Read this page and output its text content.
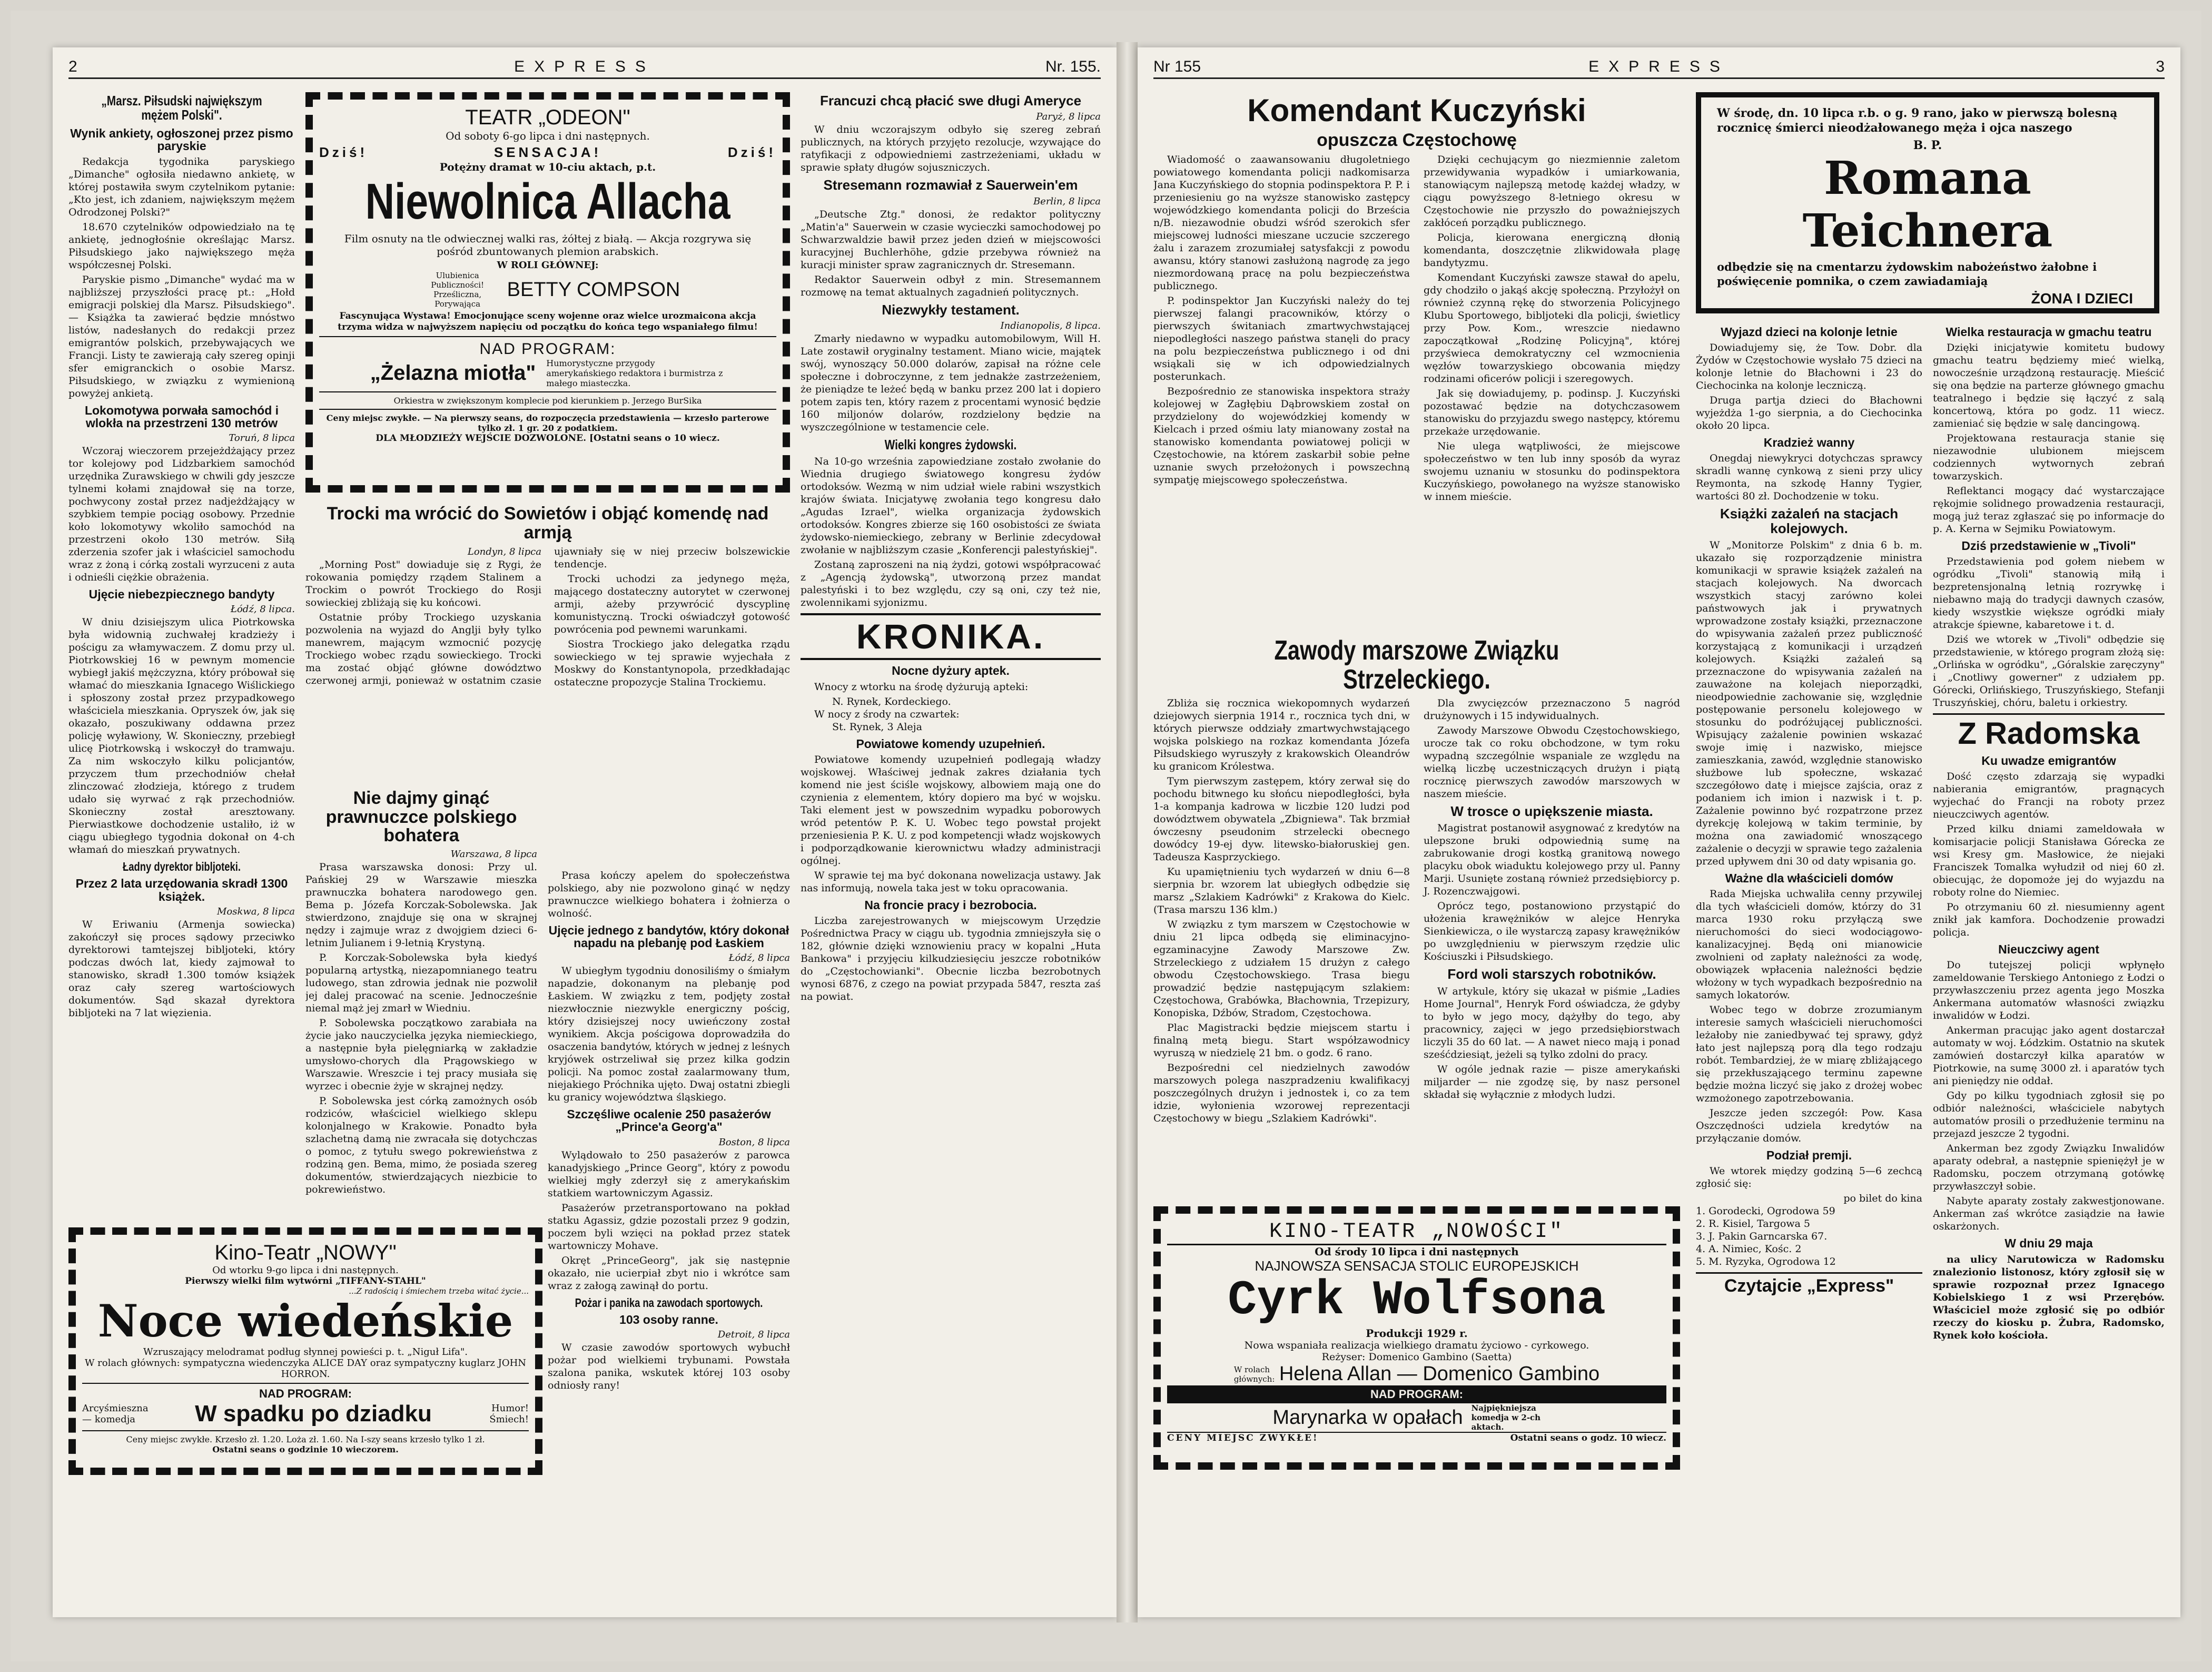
2	EXPRESS	Nr. 155.
„Marsz. Piłsudski największym mężem Polski".
Wynik ankiety, ogłoszonej przez pismo paryskie

Redakcja tygodnika paryskiego „Dimanche" ogłosiła niedawno ankietę, w której postawiła swym czytelnikom pytanie: „Kto jest, ich zdaniem, największym mężem Odrodzonej Polski?"

18.670 czytelników odpowiedziało na tę ankietę, jednogłośnie określając Marsz. Piłsudskiego jako największego męża współczesnej Polski.

Paryskie pismo „Dimanche" wydać ma w najbliższej przyszłości pracę pt.: „Hołd emigracji polskiej dla Marsz. Piłsudskiego". — Książka ta zawierać będzie mnóstwo listów, nadesłanych do redakcji przez emigrantów polskich, przebywających we Francji. Listy te zawierają cały szereg opinji sfer emigranckich o osobie Marsz. Piłsudskiego, w związku z wymienioną powyżej ankietą.

Lokomotywa porwała samochód i wlokła na przestrzeni 130 metrów
Toruń, 8 lipca

Wczoraj wieczorem przejeżdżający przez tor kolejowy pod Lidzbarkiem samochód urzędnika Zurawskiego w chwili gdy jeszcze tylnemi kołami znajdował się na torze, pochwycony został przez nadjeżdżający w szybkiem tempie pociąg osobowy. Przednie koło lokomotywy wkoliło samochód na przestrzeni około 130 metrów. Siłą zderzenia szofer jak i właściciel samochodu wraz z żoną i córką zostali wyrzuceni z auta i odnieśli ciężkie obrażenia.

Ujęcie niebezpiecznego bandyty
Łódź, 8 lipca.

W dniu dzisiejszym ulica Piotrkowska była widownią zuchwałej kradzieży i pościgu za włamywaczem. Z domu przy ul. Piotrkowskiej 16 w pewnym momencie wybiegł jakiś mężczyzna, który próbował się włamać do mieszkania Ignacego Wiślickiego i spłoszony został przez przypadkowego właściciela mieszkania. Opryszek ów, jak się okazało, poszukiwany oddawna przez policję wyławiony, W. Skonieczny, przebiegł ulicę Piotrkowską i wskoczył do tramwaju. Za nim wskoczyło kilku policjantów, przyczem tłum przechodniów chełał zlinczować złodzieja, którego z trudem udało się wyrwać z rąk przechodniów. Skonieczny został aresztowany. Pierwiastkowe dochodzenie ustaliło, iż w ciągu ubiegłego tygodnia dokonał on 4-ch włamań do mieszkań prywatnych.

Ładny dyrektor bibljoteki.
Przez 2 lata urzędowania skradł 1300 książek.
Moskwa, 8 lipca

W Eriwaniu (Armenja sowiecka) zakończył się proces sądowy przeciwko dyrektorowi tamtejszej bibljoteki, który podczas dwóch lat, kiedy zajmował to stanowisko, skradł 1.300 tomów książek oraz cały szereg wartościowych dokumentów. Sąd skazał dyrektora bibljoteki na 7 lat więzienia.

TEATR „ODEON"
Od soboty 6-go lipca i dni następnych.
Dziś!	SENSACJA!	Dziś!
Potężny dramat w 10-ciu aktach, p.t.
Niewolnica Allacha
Film osnuty na tle odwiecznej walki ras, żółtej z białą. — Akcja rozgrywa się pośród zbuntowanych plemion arabskich.
W ROLI GŁÓWNEJ:
Ulubienica Publiczności! Prześliczna, Porywająca
BETTY COMPSON
Fascynująca Wystawa! Emocjonujące sceny wojenne oraz wielce urozmaicona akcja trzyma widza w najwyższem napięciu od początku do końca tego wspaniałego filmu!
NAD PROGRAM:
„Żelazna miotła" Humorystyczne przygody amerykańskiego redaktora i burmistrza z małego miasteczka.
Orkiestra w zwiększonym komplecie pod kierunkiem p. Jerzego BurSika
Ceny miejsc zwykłe. — Na pierwszy seans, do rozpoczęcia przedstawienia — krzesło parterowe tylko zł. 1 gr. 20 z podatkiem.
DLA MŁODZIEŻY WEJŚCIE DOZWOLONE. [Ostatni seans o 10 wiecz.
Trocki ma wrócić do Sowietów i objąć komendę nad armją
Londyn, 8 lipca

„Morning Post" dowiaduje się z Rygi, że rokowania pomiędzy rządem Stalinem a Trockim o powrót Trockiego do Rosji sowieckiej zbliżają się ku końcowi.

Ostatnie próby Trockiego uzyskania pozwolenia na wyjazd do Anglji były tylko manewrem, mającym wzmocnić pozycję Trockiego wobec rządu sowieckiego. Trocki ma zostać objąć główne dowództwo czerwonej armji, ponieważ w ostatnim czasie ujawniały się w niej przeciw bolszewickie tendencje.

Trocki uchodzi za jedynego męża, mającego dostateczny autorytet w czerwonej armji, ażeby przywrócić dyscyplinę komunistyczną. Trocki oświadczył gotowość powrócenia pod pewnemi warunkami.

Siostra Trockiego jako delegatka rządu sowieckiego w tej sprawie wyjechała z Moskwy do Konstantynopola, przedkładając ostateczne propozycje Stalina Trockiemu.

Nie dajmy ginąć prawnuczce polskiego bohatera
Warszawa, 8 lipca

Prasa warszawska donosi: Przy ul. Pańskiej 29 w Warszawie mieszka prawnuczka bohatera narodowego gen. Bema p. Józefa Korczak-Sobolewska. Jak stwierdzono, znajduje się ona w skrajnej nędzy i zajmuje wraz z dwojgiem dzieci 6-letnim Julianem i 9-letnią Krystyną.

P. Korczak-Sobolewska była kiedyś popularną artystką, niezapomnianego teatru ludowego, stan zdrowia jednak nie pozwolił jej dalej pracować na scenie. Jednocześnie niemal mąż jej zmarł w Wiedniu.

P. Sobolewska początkowo zarabiała na życie jako nauczycielka języka niemieckiego, a następnie była pielęgniarką w zakładzie umysłowo-chorych dla Prągowskiego w Warszawie. Wreszcie i tej pracy musiała się wyrzec i obecnie żyje w skrajnej nędzy.

P. Sobolewska jest córką zamożnych osób rodziców, właściciel wielkiego sklepu kolonjalnego w Krakowie. Ponadto była szlachetną damą nie zwracała się dotychczas o pomoc, z tytułu swego pokrewieństwa z rodziną gen. Bema, mimo, że posiada szereg dokumentów, stwierdzających niezbicie to pokrewieństwo.

Prasa kończy apelem do społeczeństwa polskiego, aby nie pozwolono ginąć w nędzy prawnuczce wielkiego bohatera i żołnierza o wolność.

Ujęcie jednego z bandytów, który dokonał napadu na plebanję pod Łaskiem
Łódź, 8 lipca

W ubiegłym tygodniu donosiliśmy o śmiałym napadzie, dokonanym na plebanję pod Łaskiem. W związku z tem, podjęty został niezwłocznie niezwykle energiczny pościg, który dzisiejszej nocy uwieńczony został wynikiem. Akcja pościgowa doprowadziła do osaczenia bandytów, których w jednej z leśnych kryjówek ostrzeliwał się przez kilka godzin policji. Na pomoc został zaalarmowany tłum, niejakiego Próchnika ujęto. Dwaj ostatni zbiegli ku granicy województwa śląskiego.

Szczęśliwe ocalenie 250 pasażerów „Prince'a Georg'a"
Boston, 8 lipca

Wylądowało to 250 pasażerów z parowca kanadyjskiego „Prince Georg", który z powodu wielkiej mgły zderzył się z amerykańskim statkiem wartowniczym Agassiz.

Pasażerów przetransportowano na pokład statku Agassiz, gdzie pozostali przez 9 godzin, poczem byli wzięci na pokład przez statek wartowniczy Mohave.

Okręt „PrinceGeorg", jak się następnie okazało, nie ucierpiał zbyt nio i wkrótce sam wraz z załogą zawinął do portu.

Pożar i panika na zawodach sportowych.
103 osoby ranne.
Detroit, 8 lipca

W czasie zawodów sportowych wybuchł pożar pod wielkiemi trybunami. Powstała szalona panika, wskutek której 103 osoby odniosły rany!

Francuzi chcą płacić swe długi Ameryce
Paryż, 8 lipca

W dniu wczorajszym odbyło się szereg zebrań publicznych, na których przyjęto rezolucje, wzywające do ratyfikacji z odpowiedniemi zastrzeżeniami, układu w sprawie spłaty długów sojuszniczych.

Stresemann rozmawiał z Sauerwein'em
Berlin, 8 lipca

„Deutsche Ztg." donosi, że redaktor polityczny „Matin'a" Sauerwein w czasie wycieczki samochodowej po Schwarzwaldzie bawił przez jeden dzień w miejscowości kuracyjnej Buchlerhöhe, gdzie przebywa również na kuracji minister spraw zagranicznych dr. Stresemann.

Redaktor Sauerwein odbył z min. Stresemannem rozmowę na temat aktualnych zagadnień politycznych.

Niezwykły testament.
Indianopolis, 8 lipca.

Zmarły niedawno w wypadku automobilowym, Will H. Late zostawił oryginalny testament. Miano wicie, majątek swój, wynoszący 50.000 dolarów, zapisał na różne cele społeczne i dobroczynne, z tem jednakże zastrzeżeniem, że pieniądze te leżeć będą w banku przez 200 lat i dopiero potem zapis ten, który razem z procentami wynosić będzie 160 miljonów dolarów, rozdzielony będzie na wyszczególnione w testamencie cele.

Wielki kongres żydowski.

Na 10-go września zapowiedziane zostało zwołanie do Wiednia drugiego światowego kongresu żydów ortodoksów. Wezmą w nim udział wiele rabini wszystkich krajów świata. Inicjatywę zwołania tego kongresu dało „Agudas Izrael", wielka organizacja żydowskich ortodoksów. Kongres zbierze się 160 osobistości ze świata żydowsko-niemieckiego, zebrany w Berlinie zdecydował zwołanie w najbliższym czasie „Konferencji palestyńskiej".

Zostaną zaproszeni na nią żydzi, gotowi współpracować z „Agencją żydowską", utworzoną przez mandat palestyński i to bez względu, czy są oni, czy też nie, zwolennikami syjonizmu.

KRONIKA.
Nocne dyżury aptek.

Wnocy z wtorku na środę dyżurują apteki:

N. Rynek, Kordeckiego.
W nocy z środy na czwartek:
St. Rynek, 3 Aleja
Powiatowe komendy uzupełnień.

Powiatowe komendy uzupełnień podlegają władzy wojskowej. Właściwej jednak zakres działania tych komend nie jest ściśle wojskowy, albowiem mają one do czynienia z elementem, który dopiero ma być w wojsku. Taki element jest w powszednim wypadku poborowych wród petentów P. K. U. Wobec tego powstał projekt przeniesienia P. K. U. z pod kompetencji władz wojskowych i podporządkowanie kierownictwu władzy administracji ogólnej.

W sprawie tej ma być dokonana nowelizacja ustawy. Jak nas informują, nowela taka jest w toku opracowania.

Na froncie pracy i bezrobocia.

Liczba zarejestrowanych w miejscowym Urzędzie Pośrednictwa Pracy w ciągu ub. tygodnia zmniejszyła się o 182, głównie dzięki wznowieniu pracy w kopalni „Huta Bankowa" i przyjęciu kilkudziesięciu jeszcze robotników do „Częstochowianki". Obecnie liczba bezrobotnych wynosi 6876, z czego na powiat przypada 5847, reszta zaś na powiat.

Kino-Teatr „NOWY"
Od wtorku 9-go lipca i dni następnych.
Pierwszy wielki film wytwórni „TIFFANY-STAHL"
...Z radością i śmiechem trzeba witać życie...
Noce wiedeńskie
Wzruszający melodramat podług słynnej powieści p. t. „Niguł Lifa".
W rolach głównych: sympatyczna wiedenczyka ALICE DAY oraz sympatyczny kuglarz JOHN HORRON.
NAD PROGRAM:
Arcyśmieszna — komedja	W spadku po dziadku	Humor! Śmiech!
Ceny miejsc zwykłe. Krzesło zł. 1.20. Loża zł. 1.60. Na I-szy seans krzesło tylko 1 zł.
Ostatni seans o godzinie 10 wieczorem.
Nr 155	EXPRESS	3
Komendant Kuczyński
opuszcza Częstochowę

Wiadomość o zaawansowaniu długoletniego powiatowego komendanta policji nadkomisarza Jana Kuczyńskiego do stopnia podinspektora P. P. i przeniesieniu go na wyższe stanowisko zastępcy wojewódzkiego komendanta policji do Brześcia n/B. niezawodnie obudzi wśród szerokich sfer miejscowej ludności mieszane uczucie szczerego żalu i zarazem zrozumiałej satysfakcji z powodu awansu, który stanowi zasłużoną nagrodę za jego niezmordowaną pracę na polu bezpieczeństwa publicznego.

P. podinspektor Jan Kuczyński należy do tej pierwszej falangi pracowników, którzy o pierwszych świtaniach zmartwychwstającej niepodległości naszego państwa stanęli do pracy na polu bezpieczeństwa publicznego i od dni wsiąkali się w ich odpowiedzialnych posterunkach.

Bezpośrednio ze stanowiska inspektora straży kolejowej w Zagłębiu Dąbrowskiem został on przydzielony do wojewódzkiej komendy w Kielcach i przed ośmiu laty mianowany został na stanowisko komendanta powiatowej policji w Częstochowie, na którem zaskarbił sobie pełne uznanie swych przełożonych i powszechną sympatję miejscowego społeczeństwa.

Dzięki cechującym go niezmiennie zaletom przewidywania wypadków i umiarkowania, stanowiącym najlepszą metodę każdej władzy, w ciągu powyższego 8-letniego okresu w Częstochowie nie przyszło do poważniejszych zakłóceń porządku publicznego.

Policja, kierowana energiczną dłonią komendanta, doszczętnie zlikwidowała plagę bandytyzmu.

Komendant Kuczyński zawsze stawał do apelu, gdy chodziło o jakąś akcję społeczną. Przyłożył on również czynną rękę do stworzenia Policyjnego Klubu Sportowego, bibljoteki dla policji, świetlicy przy Pow. Kom., wreszcie niedawno zapoczątkował „Rodzinę Policyjną", której przyświeca demokratyczny cel wzmocnienia węzłów towarzyskiego obcowania między rodzinami oficerów policji i szeregowych.

Jak się dowiadujemy, p. podinsp. J. Kuczyński pozostawać będzie na dotychczasowem stanowisku do przyjazdu swego następcy, któremu przekaże urzędowanie.

Nie ulega wątpliwości, że miejscowe społeczeństwo w ten lub inny sposób da wyraz swojemu uznaniu w stosunku do podinspektora Kuczyńskiego, powołanego na wyższe stanowisko w innem mieście.

Zawody marszowe Związku Strzeleckiego.

Zbliża się rocznica wiekopomnych wydarzeń dziejowych sierpnia 1914 r., rocznica tych dni, w których pierwsze oddziały zmartwychwstającego wojska polskiego na rozkaz komendanta Józefa Piłsudskiego wyruszyły z krakowskich Oleandrów ku granicom Królestwa.

Tym pierwszym zastępem, który zerwał się do pochodu bitwnego ku słońcu niepodległości, była 1-a kompanja kadrowa w liczbie 120 ludzi pod dowództwem obywatela „Zbigniewa". Tak brzmiał ówczesny pseudonim strzelecki obecnego dowódcy 19-ej dyw. litewsko-białoruskiej gen. Tadeusza Kasprzyckiego.

Ku upamiętnieniu tych wydarzeń w dniu 6—8 sierpnia br. wzorem lat ubiegłych odbędzie się marsz „Szlakiem Kadrówki" z Krakowa do Kielc. (Trasa marszu 136 klm.)

W związku z tym marszem w Częstochowie w dniu 21 lipca odbędą się eliminacyjno-egzaminacyjne Zawody Marszowe Zw. Strzeleckiego z udziałem 15 drużyn z całego obwodu Częstochowskiego. Trasa biegu prowadzić będzie następującym szlakiem: Częstochowa, Grabówka, Błachownia, Trzepizury, Konopiska, Dźbów, Stradom, Częstochowa.

Plac Magistracki będzie miejscem startu i finalną metą biegu. Start współzawodnicy wyruszą w niedzielę 21 bm. o godz. 6 rano.

Bezpośredni cel niedzielnych zawodów marszowych polega naszpradzeniu kwalifikacyj poszczególnych drużyn i jednostek i, co za tem idzie, wyłonienia wzorowej reprezentacji Częstochowy w biegu „Szlakiem Kadrówki".

Dla zwycięzców przeznaczono 5 nagród drużynowych i 15 indywidualnych.

Zawody Marszowe Obwodu Częstochowskiego, urocze tak co roku obchodzone, w tym roku wypadną szczególnie wspaniale ze względu na wielką liczbę uczestniczących drużyn i piątą rocznicę pierwszych zawodów marszowych w naszem mieście.

W trosce o upiększenie miasta.

Magistrat postanowił asygnować z kredytów na ulepszone bruki odpowiednią sumę na zabrukowanie drogi kostką granitową nowego placyku obok wiaduktu kolejowego przy ul. Panny Marji. Usunięte zostaną również przedsiębiorcy p. J. Rozenczwajgowi.

Oprócz tego, postanowiono przystąpić do ułożenia krawężników w alejce Henryka Sienkiewicza, o ile wystarczą zapasy krawężników po uwzględnieniu w pierwszym rzędzie ulic Kościuszki i Piłsudskiego.

Ford woli starszych robotników.

W artykule, który się ukazał w piśmie „Ladies Home Journal", Henryk Ford oświadcza, że gdyby to było w jego mocy, dążyłby do tego, aby pracownicy, zajęci w jego przedsiębiorstwach liczyli 35 do 60 lat. — A nawet nieco mają i ponad sześćdziesiąt, jeżeli są tylko zdolni do pracy.

W ogóle jednak razie — pisze amerykański miljarder — nie zgodzę się, by nasz personel składał się wyłącznie z młodych ludzi.

KINO-TEATR „NOWOŚCI"
Od środy 10 lipca i dni następnych
NAJNOWSZA SENSACJA STOLIC EUROPEJSKICH
Cyrk Wolfsona
Produkcji 1929 r.
Nowa wspaniała realizacja wielkiego dramatu życiowo - cyrkowego.
Reżyser: Domenico Gambino (Saetta)
W rolach głównych: Helena Allan — Domenico Gambino
NAD PROGRAM:
Marynarka w opałach Najpiękniejsza komedja w 2-ch aktach.
CENY MIEJSC ZWYKŁE!	Ostatni seans o godz. 10 wiecz.
W środę, dn. 10 lipca r.b. o g. 9 rano, jako w pierwszą bolesną rocznicę śmierci nieodżałowanego męża i ojca naszego
B. P.
Romana Teichnera
odbędzie się na cmentarzu żydowskim nabożeństwo żałobne i poświęcenie pomnika, o czem zawiadamiają
ŻONA I DZIECI
Wyjazd dzieci na kolonje letnie

Dowiadujemy się, że Tow. Dobr. dla Żydów w Częstochowie wysłało 75 dzieci na kolonje letnie do Błachowni i 23 do Ciechocinka na kolonje leczniczą.

Druga partja dzieci do Błachowni wyjeżdża 1-go sierpnia, a do Ciechocinka około 20 lipca.

Kradzież wanny

Onegdaj niewykryci dotychczas sprawcy skradli wannę cynkową z sieni przy ulicy Reymonta, na szkodę Hanny Tygier, wartości 80 zł. Dochodzenie w toku.

Książki zażaleń na stacjach kolejowych.

W „Monitorze Polskim" z dnia 6 b. m. ukazało się rozporządzenie ministra komunikacji w sprawie książek zażaleń na stacjach kolejowych. Na dworcach wszystkich stacyj zarówno kolei państwowych jak i prywatnych wprowadzone zostały książki, przeznaczone do wpisywania zażaleń przez publiczność korzystającą z komunikacji i urządzeń kolejowych. Książki zażaleń są przeznaczone do wpisywania zażaleń na zauważone na kolejach nieporządki, nieodpowiednie zachowanie się, względnie postępowanie personelu kolejowego w stosunku do podróżującej publiczności. Wpisujący zażalenie powinien wskazać swoje imię i nazwisko, miejsce zamieszkania, zawód, względnie stanowisko służbowe lub społeczne, wskazać szczegółowo datę i miejsce zajścia, oraz z podaniem ich imion i nazwisk i t. p. Zażalenie powinno być rozpatrzone przez dyrekcję kolejową w takim terminie, by można ona zawiadomić wnoszącego zażalenie o decyzji w sprawie tego zażalenia przed upływem dni 30 od daty wpisania go.

Ważne dla właścicieli domów

Rada Miejska uchwaliła cenny przywilej dla tych właścicieli domów, którzy do 31 marca 1930 roku przyłączą swe nieruchomości do sieci wodociągowo-kanalizacyjnej. Będą oni mianowicie zwolnieni od zapłaty należności za wodę, obowiązek wpłacenia należności będzie włożony w tych wypadkach bezpośrednio na samych lokatorów.

Wobec tego w dobrze zrozumianym interesie samych właścicieli nieruchomości leżałoby nie zaniedbywać tej sprawy, gdyż łato jest najlepszą porą dla tego rodzaju robót. Tembardziej, że w miarę zbliżającego się przekłuszającego terminu zapewne będzie można liczyć się jako z drożej wobec wzmożonego zapotrzebowania.

Jeszcze jeden szczegół: Pow. Kasa Oszczędności udziela kredytów na przyłączanie domów.

Podział premji.

We wtorek między godziną 5—6 zechcą zgłosić się:

po bilet do kina
1. Gorodecki, Ogrodowa 59
2. R. Kisiel, Targowa 5
3. J. Pakin Garncarska 67.
4. A. Nimiec, Kośc. 2
5. M. Ryzyka, Ogrodowa 12
Czytajcie „Express"
Wielka restauracja w gmachu teatru

Dzięki inicjatywie komitetu budowy gmachu teatru będziemy mieć wielką, nowocześnie urządzoną restaurację. Mieścić się ona będzie na parterze głównego gmachu teatralnego i będzie się łączyć z salą koncertową, która po godz. 11 wiecz. zamieniać się będzie w salę dancingową.

Projektowana restauracja stanie się niezawodnie ulubionem miejscem codziennych wytwornych zebrań towarzyskich.

Reflektanci mogący dać wystarczające rękojmie solidnego prowadzenia restauracji, mogą już teraz zgłaszać się po informacje do p. A. Kerna w Sejmiku Powiatowym.

Dziś przedstawienie w „Tivoli"

Przedstawienia pod gołem niebem w ogródku „Tivoli" stanowią miłą i bezpretensjonalną letnią rozrywkę i niebawno mają do tradycji dawnych czasów, kiedy wszystkie większe ogródki miały atrakcje śpiewne, kabaretowe i t. d.

Dziś we wtorek w „Tivoli" odbędzie się przedstawienie, w którego program złożą się: „Orlińska w ogródku", „Góralskie zaręczyny" i „Cnotliwy gowerner" z udziałem pp. Górecki, Orlińskiego, Truszyńskiego, Stefanji Truszyńskiej, chóru, baletu i orkiestry.

Z Radomska
Ku uwadze emigrantów

Dość często zdarzają się wypadki nabierania emigrantów, pragnących wyjechać do Francji na roboty przez nieuczciwych agentów.

Przed kilku dniami zameldowała w komisarjacie policji Stanisława Górecka ze wsi Kresy gm. Masłowice, że niejaki Franciszek Tomalka wyłudził od niej 60 zł. obiecując, że dopomoże jej do wyjazdu na roboty rolne do Niemiec.

Po otrzymaniu 60 zł. niesumienny agent znikł jak kamfora. Dochodzenie prowadzi policja.

Nieuczciwy agent

Do tutejszej policji wpłynęło zameldowanie Terskiego Antoniego z Łodzi o przywłaszczeniu przez agenta jego Moszka Ankermana automatów własności związku inwalidów w Łodzi.

Ankerman pracując jako agent dostarczał automaty w woj. Łódzkim. Ostatnio na skutek zamówień dostarczył kilka aparatów w Piotrkowie, na sumę 3000 zł. i aparatów tych ani pieniędzy nie oddał.

Gdy po kilku tygodniach zgłosił się po odbiór należności, właściciele nabytych automatów prosili o przedłużenie terminu na przejazd jeszcze 2 tygodni.

Ankerman bez zgody Związku Inwalidów aparaty odebrał, a następnie spieniężył je w Radomsku, poczem otrzymaną gotówkę przywłaszczył sobie.

Nabyte aparaty zostały zakwestjonowane. Ankerman zaś wkrótce zasiądzie na ławie oskarżonych.

W dniu 29 maja

na ulicy Narutowicza w Radomsku znalezionio listonosz, który zgłosił się w sprawie rozpoznał przez Ignacego Kobielskiego 1 z wsi Przerębów. Właściciel może zgłosić się po odbiór rzeczy do kiosku p. Żubra, Radomsko, Rynek koło kościoła.
